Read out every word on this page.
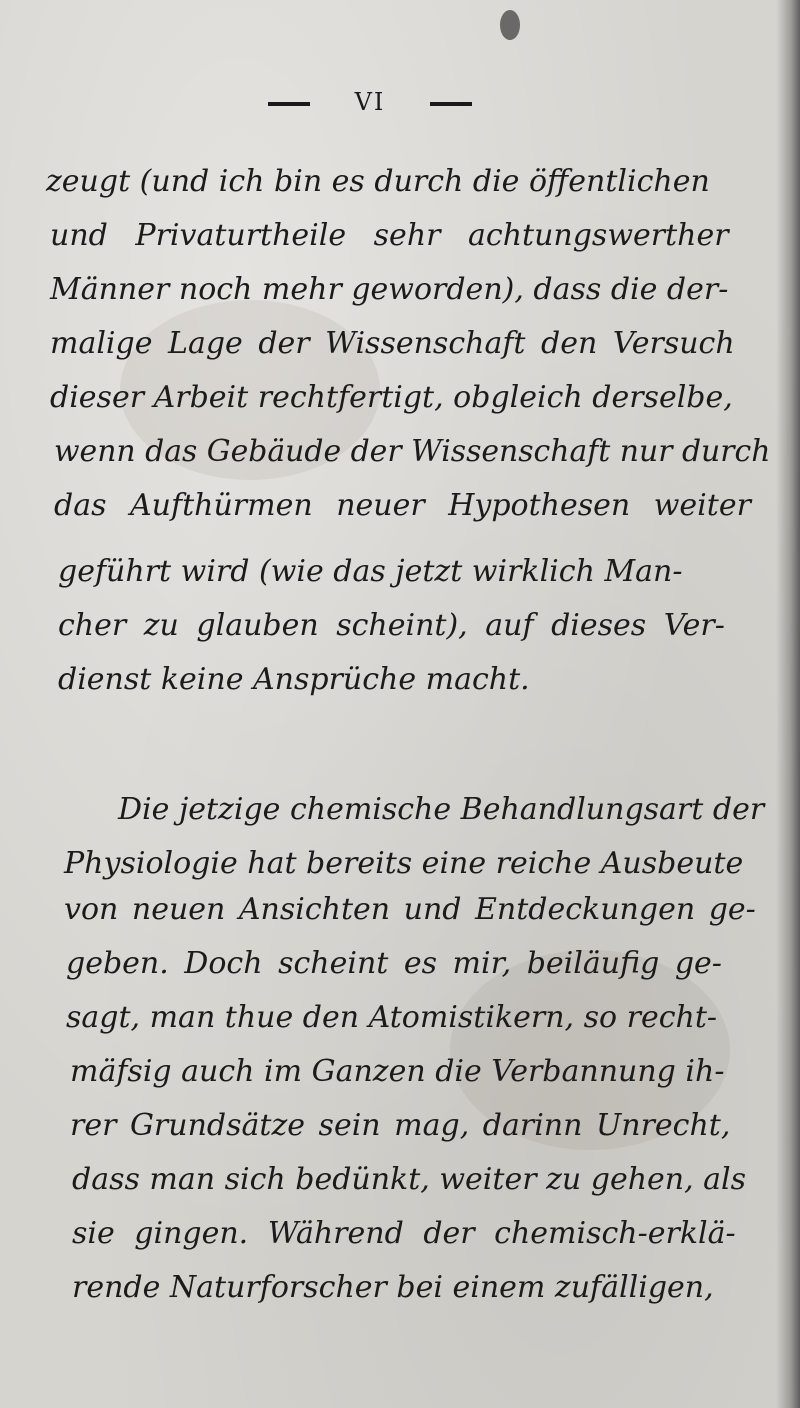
VI
zeugt (und ich bin es durch die öffentlichen
und Privaturtheile sehr achtungswerther
Männer noch mehr geworden), dass die der-
malige Lage der Wissenschaft den Versuch
dieser Arbeit rechtfertigt, obgleich derselbe,
wenn das Gebäude der Wissenschaft nur durch
das Aufthürmen neuer Hypothesen weiter
geführt wird (wie das jetzt wirklich Man-
cher zu glauben scheint), auf dieses Ver-
dienst keine Ansprüche macht.
Die jetzige chemische Behandlungsart der
Physiologie hat bereits eine reiche Ausbeute
von neuen Ansichten und Entdeckungen ge-
geben. Doch scheint es mir, beiläufig ge-
sagt, man thue den Atomistikern, so recht-
mäfsig auch im Ganzen die Verbannung ih-
rer Grundsätze sein mag, darinn Unrecht,
dass man sich bedünkt, weiter zu gehen, als
sie gingen. Während der chemisch-erklä-
rende Naturforscher bei einem zufälligen,
